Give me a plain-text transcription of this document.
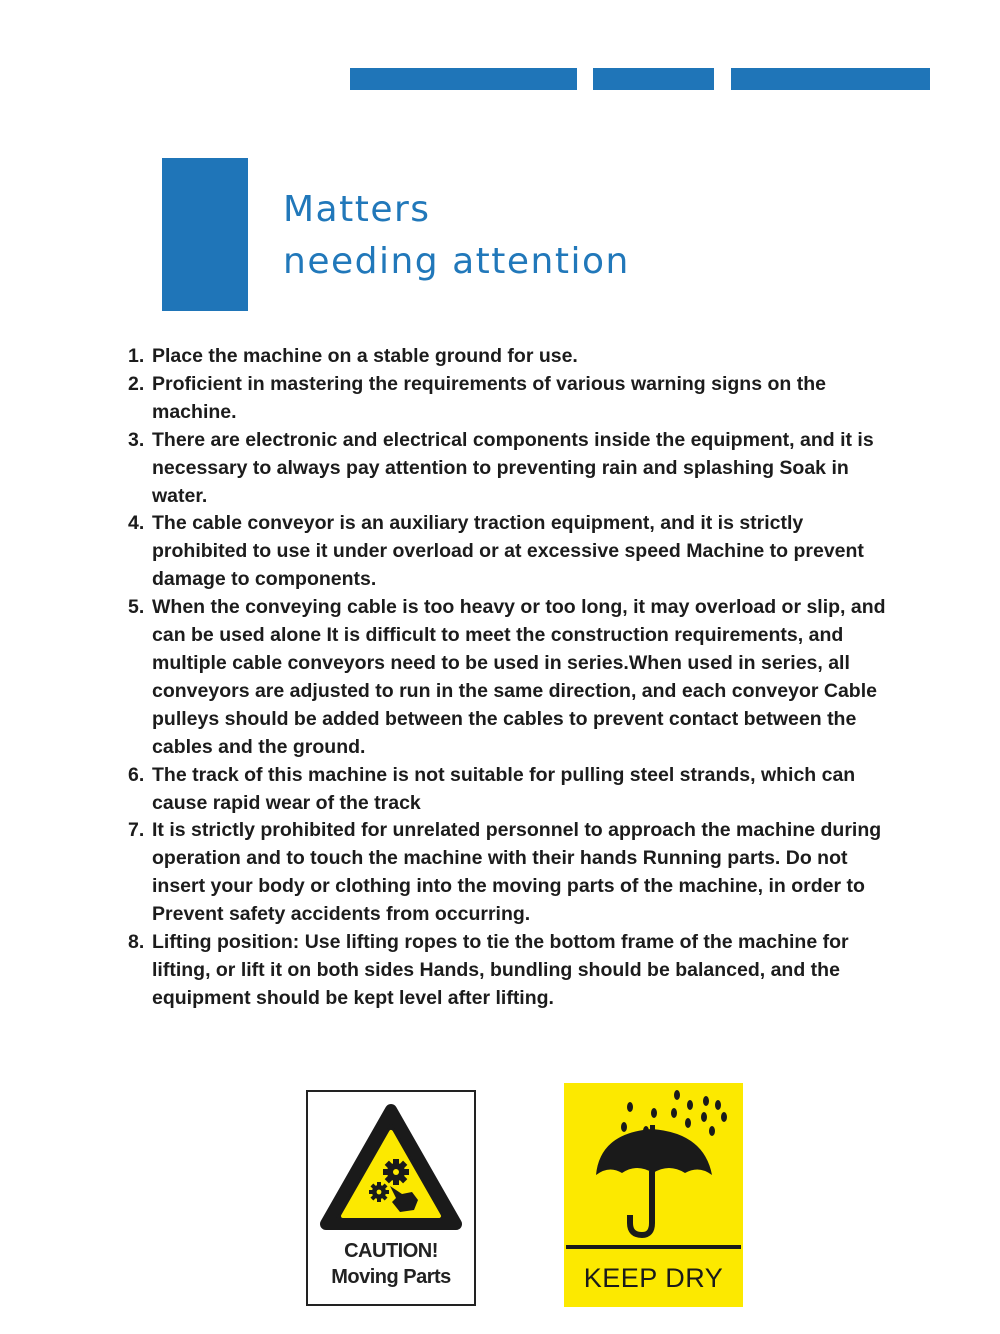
Matters
needing attention
1. Place the machine on a stable ground for use.
2. Proficient in mastering the requirements of various warning signs on the machine.
3. There are electronic and electrical components inside the equipment, and it is necessary to always pay attention to preventing rain and splashing Soak in water.
4. The cable conveyor is an auxiliary traction equipment, and it is strictly prohibited to use it under overload or at excessive speed Machine to prevent damage to components.
5. When the conveying cable is too heavy or too long, it may overload or slip, and can be used alone It is difficult to meet the construction requirements, and multiple cable conveyors need to be used in series.When used in series, all conveyors are adjusted to run in the same direction, and each conveyor Cable pulleys should be added between the cables to prevent contact between the cables and the ground.
6. The track of this machine is not suitable for pulling steel strands, which can cause rapid wear of the track
7. It is strictly prohibited for unrelated personnel to approach the machine during operation and to touch the machine with their hands Running parts. Do not insert your body or clothing into the moving parts of the machine, in order to Prevent safety accidents from occurring.
8. Lifting position: Use lifting ropes to tie the bottom frame of the machine for lifting, or lift it on both sides Hands, bundling should be balanced, and the equipment should be kept level after lifting.
CAUTION!
Moving Parts	KEEP DRY
